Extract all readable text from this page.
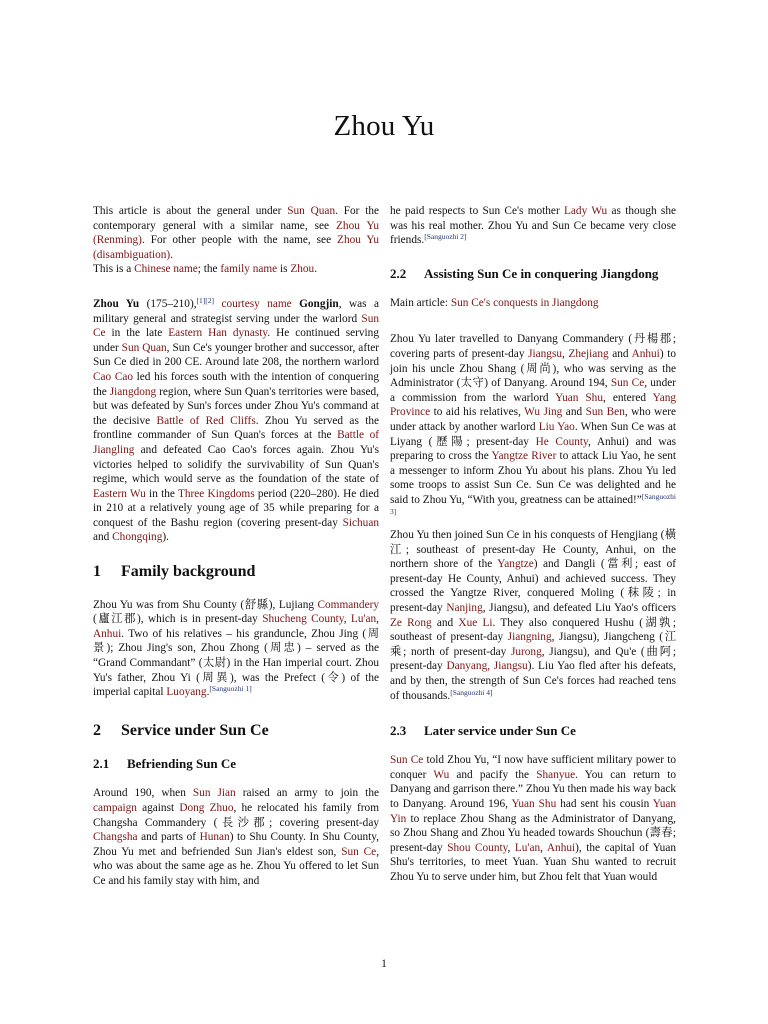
Zhou Yu

This article is about the general under Sun Quan. For the contemporary general with a similar name, see Zhou Yu (Renming). For other people with the name, see Zhou Yu (disambiguation).
This is a Chinese name; the family name is Zhou.

Zhou Yu (175–210),[1][2] courtesy name Gongjin, was a military general and strategist serving under the warlord Sun Ce in the late Eastern Han dynasty. He continued serving under Sun Quan, Sun Ce's younger brother and successor, after Sun Ce died in 200 CE. Around late 208, the northern warlord Cao Cao led his forces south with the intention of conquering the Jiangdong region, where Sun Quan's territories were based, but was defeated by Sun's forces under Zhou Yu's command at the decisive Battle of Red Cliffs. Zhou Yu served as the frontline commander of Sun Quan's forces at the Battle of Jiangling and defeated Cao Cao's forces again. Zhou Yu's victories helped to solidify the survivability of Sun Quan's regime, which would serve as the foundation of the state of Eastern Wu in the Three Kingdoms period (220–280). He died in 210 at a relatively young age of 35 while preparing for a conquest of the Bashu region (covering present-day Sichuan and Chongqing).

1	Family background

Zhou Yu was from Shu County (舒縣), Lujiang Commandery (廬江郡), which is in present-day Shucheng County, Lu'an, Anhui. Two of his relatives – his granduncle, Zhou Jing (周景); Zhou Jing's son, Zhou Zhong (周忠) – served as the “Grand Commandant” (太尉) in the Han imperial court. Zhou Yu's father, Zhou Yi (周異), was the Prefect (令) of the imperial capital Luoyang.[Sanguozhi 1]

2	Service under Sun Ce
2.1	Befriending Sun Ce

Around 190, when Sun Jian raised an army to join the campaign against Dong Zhuo, he relocated his family from Changsha Commandery (長沙郡; covering present-day Changsha and parts of Hunan) to Shu County. In Shu County, Zhou Yu met and befriended Sun Jian's eldest son, Sun Ce, who was about the same age as he. Zhou Yu offered to let Sun Ce and his family stay with him, and

he paid respects to Sun Ce's mother Lady Wu as though she was his real mother. Zhou Yu and Sun Ce became very close friends.[Sanguozhi 2]

2.2	Assisting Sun Ce in conquering Jiangdong

Main article: Sun Ce's conquests in Jiangdong

Zhou Yu later travelled to Danyang Commandery (丹楊郡; covering parts of present-day Jiangsu, Zhejiang and Anhui) to join his uncle Zhou Shang (周尚), who was serving as the Administrator (太守) of Danyang. Around 194, Sun Ce, under a commission from the warlord Yuan Shu, entered Yang Province to aid his relatives, Wu Jing and Sun Ben, who were under attack by another warlord Liu Yao. When Sun Ce was at Liyang (歷陽; present-day He County, Anhui) and was preparing to cross the Yangtze River to attack Liu Yao, he sent a messenger to inform Zhou Yu about his plans. Zhou Yu led some troops to assist Sun Ce. Sun Ce was delighted and he said to Zhou Yu, “With you, greatness can be attained!”[Sanguozhi 3]

Zhou Yu then joined Sun Ce in his conquests of Hengjiang (橫江; southeast of present-day He County, Anhui, on the northern shore of the Yangtze) and Dangli (當利; east of present-day He County, Anhui) and achieved success. They crossed the Yangtze River, conquered Moling (秣陵; in present-day Nanjing, Jiangsu), and defeated Liu Yao's officers Ze Rong and Xue Li. They also conquered Hushu (湖孰; southeast of present-day Jiangning, Jiangsu), Jiangcheng (江乘; north of present-day Jurong, Jiangsu), and Qu'e (曲阿; present-day Danyang, Jiangsu). Liu Yao fled after his defeats, and by then, the strength of Sun Ce's forces had reached tens of thousands.[Sanguozhi 4]

2.3	Later service under Sun Ce

Sun Ce told Zhou Yu, “I now have sufficient military power to conquer Wu and pacify the Shanyue. You can return to Danyang and garrison there.” Zhou Yu then made his way back to Danyang. Around 196, Yuan Shu had sent his cousin Yuan Yin to replace Zhou Shang as the Administrator of Danyang, so Zhou Shang and Zhou Yu headed towards Shouchun (壽春; present-day Shou County, Lu'an, Anhui), the capital of Yuan Shu's territories, to meet Yuan. Yuan Shu wanted to recruit Zhou Yu to serve under him, but Zhou felt that Yuan would

1
